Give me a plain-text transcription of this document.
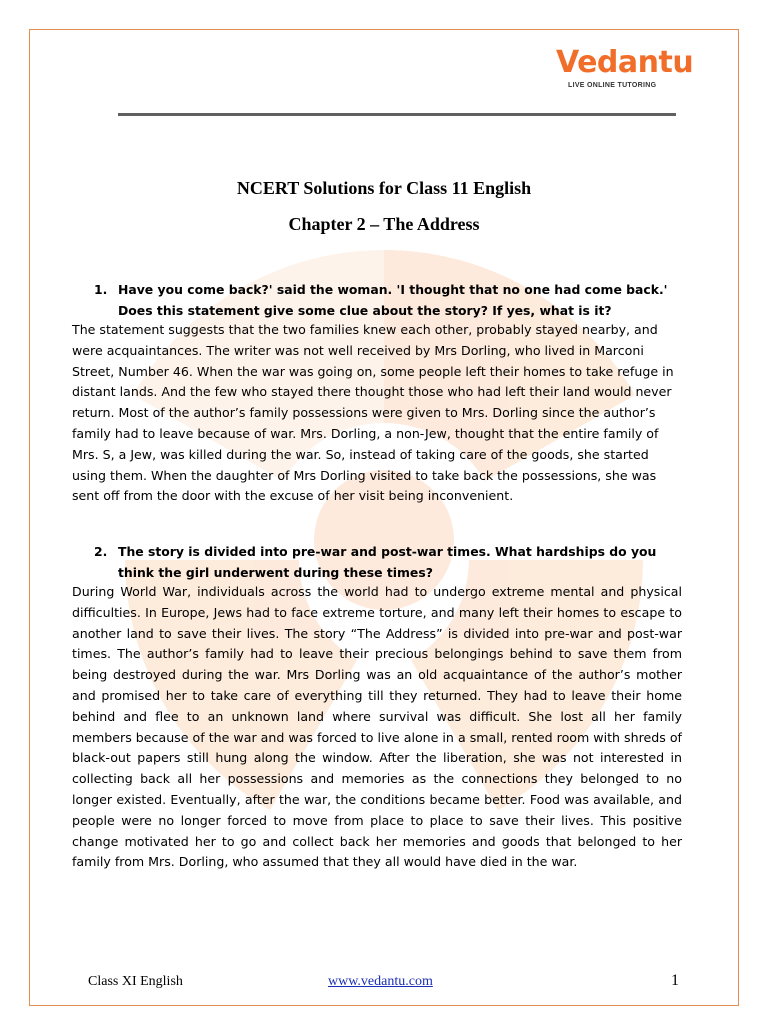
Vedantu
LIVE ONLINE TUTORING
NCERT Solutions for Class 11 English
Chapter 2 – The Address
1. Have you come back?' said the woman. 'I thought that no one had come back.' Does this statement give some clue about the story? If yes, what is it?
The statement suggests that the two families knew each other, probably stayed nearby, and were acquaintances. The writer was not well received by Mrs Dorling, who lived in Marconi Street, Number 46. When the war was going on, some people left their homes to take refuge in distant lands. And the few who stayed there thought those who had left their land would never return. Most of the author’s family possessions were given to Mrs. Dorling since the author’s family had to leave because of war. Mrs. Dorling, a non-Jew, thought that the entire family of Mrs. S, a Jew, was killed during the war. So, instead of taking care of the goods, she started using them. When the daughter of Mrs Dorling visited to take back the possessions, she was sent off from the door with the excuse of her visit being inconvenient.
2. The story is divided into pre-war and post-war times. What hardships do you think the girl underwent during these times?
During World War, individuals across the world had to undergo extreme mental and physical difficulties. In Europe, Jews had to face extreme torture, and many left their homes to escape to another land to save their lives. The story “The Address” is divided into pre-war and post-war times. The author’s family had to leave their precious belongings behind to save them from being destroyed during the war. Mrs Dorling was an old acquaintance of the author’s mother and promised her to take care of everything till they returned. They had to leave their home behind and flee to an unknown land where survival was difficult. She lost all her family members because of the war and was forced to live alone in a small, rented room with shreds of black-out papers still hung along the window. After the liberation, she was not interested in collecting back all her possessions and memories as the connections they belonged to no longer existed. Eventually, after the war, the conditions became better. Food was available, and people were no longer forced to move from place to place to save their lives. This positive change motivated her to go and collect back her memories and goods that belonged to her family from Mrs. Dorling, who assumed that they all would have died in the war.
Class XI English	www.vedantu.com	1
